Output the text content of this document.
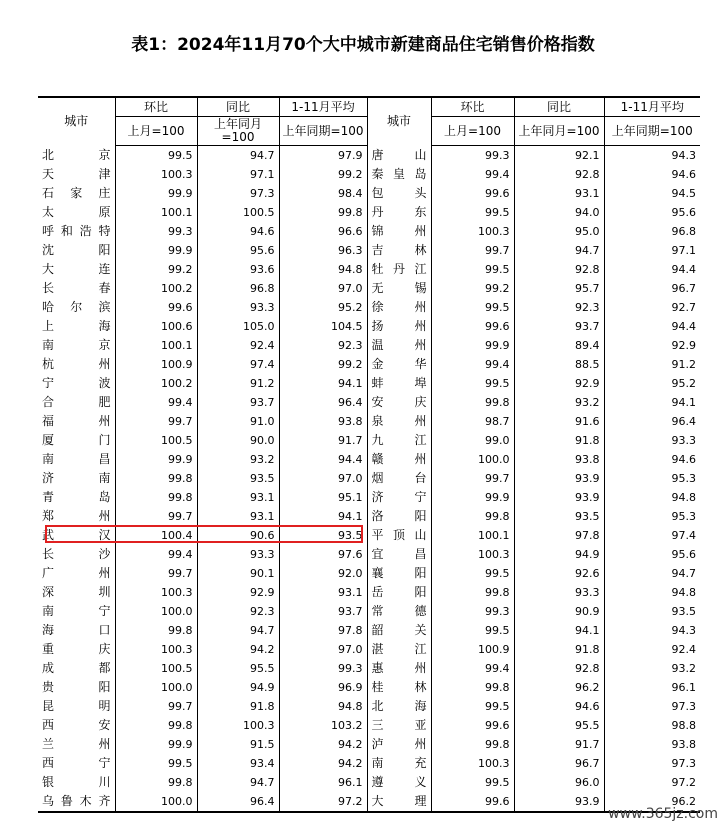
表1：2024年11月70个大中城市新建商品住宅销售价格指数
城市	环比	同比	1-11月平均	城市	环比	同比	1-11月平均
	上月=100	上年同月=100	上年同期=100		上月=100	上年同月=100	上年同期=100
北京	99.5	94.7	97.9	唐山	99.3	92.1	94.3
天津	100.3	97.1	99.2	秦皇岛	99.4	92.8	94.6
石家庄	99.9	97.3	98.4	包头	99.6	93.1	94.5
太原	100.1	100.5	99.8	丹东	99.5	94.0	95.6
呼和浩特	99.3	94.6	96.6	锦州	100.3	95.0	96.8
沈阳	99.9	95.6	96.3	吉林	99.7	94.7	97.1
大连	99.2	93.6	94.8	牡丹江	99.5	92.8	94.4
长春	100.2	96.8	97.0	无锡	99.2	95.7	96.7
哈尔滨	99.6	93.3	95.2	徐州	99.5	92.3	92.7
上海	100.6	105.0	104.5	扬州	99.6	93.7	94.4
南京	100.1	92.4	92.3	温州	99.9	89.4	92.9
杭州	100.9	97.4	99.2	金华	99.4	88.5	91.2
宁波	100.2	91.2	94.1	蚌埠	99.5	92.9	95.2
合肥	99.4	93.7	96.4	安庆	99.8	93.2	94.1
福州	99.7	91.0	93.8	泉州	98.7	91.6	96.4
厦门	100.5	90.0	91.7	九江	99.0	91.8	93.3
南昌	99.9	93.2	94.4	赣州	100.0	93.8	94.6
济南	99.8	93.5	97.0	烟台	99.7	93.9	95.3
青岛	99.8	93.1	95.1	济宁	99.9	93.9	94.8
郑州	99.7	93.1	94.1	洛阳	99.8	93.5	95.3
武汉	100.4	90.6	93.5	平顶山	100.1	97.8	97.4
长沙	99.4	93.3	97.6	宜昌	100.3	94.9	95.6
广州	99.7	90.1	92.0	襄阳	99.5	92.6	94.7
深圳	100.3	92.9	93.1	岳阳	99.8	93.3	94.8
南宁	100.0	92.3	93.7	常德	99.3	90.9	93.5
海口	99.8	94.7	97.8	韶关	99.5	94.1	94.3
重庆	100.3	94.2	97.0	湛江	100.9	91.8	92.4
成都	100.5	95.5	99.3	惠州	99.4	92.8	93.2
贵阳	100.0	94.9	96.9	桂林	99.8	96.2	96.1
昆明	99.7	91.8	94.8	北海	99.5	94.6	97.3
西安	99.8	100.3	103.2	三亚	99.6	95.5	98.8
兰州	99.9	91.5	94.2	泸州	99.8	91.7	93.8
西宁	99.5	93.4	94.2	南充	100.3	96.7	97.3
银川	99.8	94.7	96.1	遵义	99.5	96.0	97.2
乌鲁木齐	100.0	96.4	97.2	大理	99.6	93.9	96.2
www.365jz.com
